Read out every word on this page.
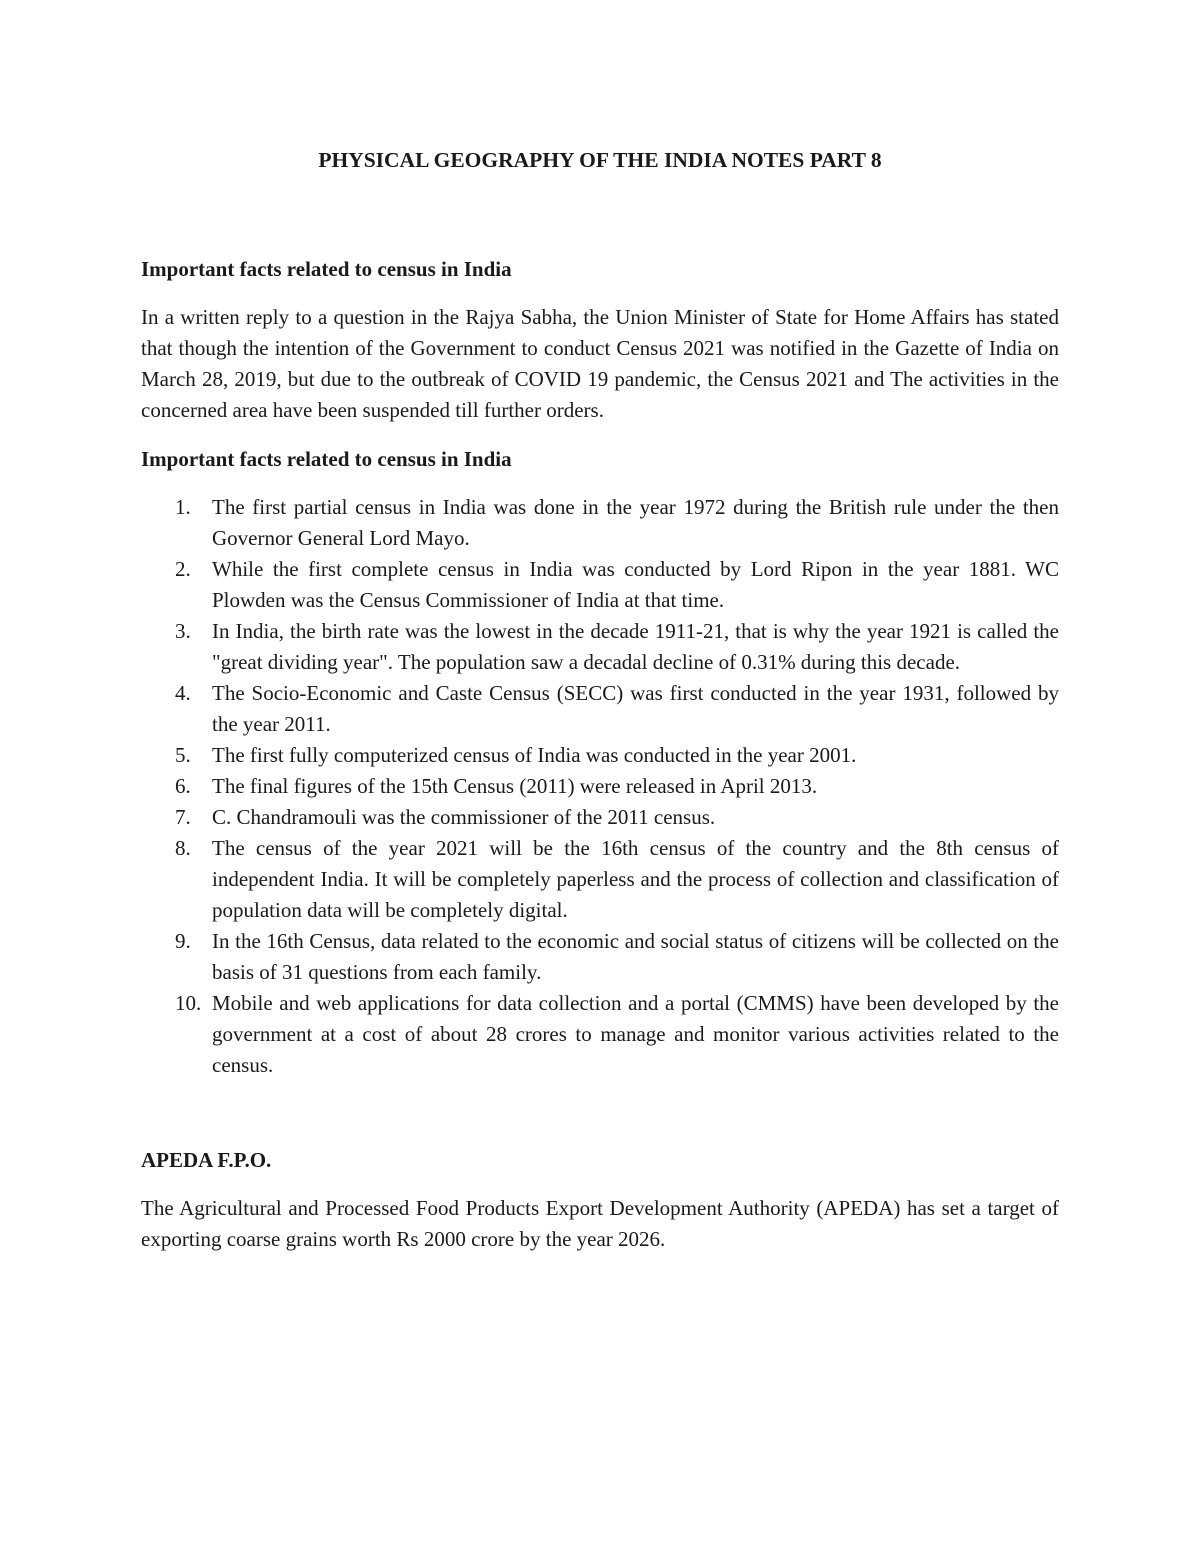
PHYSICAL GEOGRAPHY OF THE INDIA NOTES PART 8

Important facts related to census in India

In a written reply to a question in the Rajya Sabha, the Union Minister of State for Home Affairs has stated that though the intention of the Government to conduct Census 2021 was notified in the Gazette of India on March 28, 2019, but due to the outbreak of COVID 19 pandemic, the Census 2021 and The activities in the concerned area have been suspended till further orders.

Important facts related to census in India

1. The first partial census in India was done in the year 1972 during the British rule under the then Governor General Lord Mayo.
2. While the first complete census in India was conducted by Lord Ripon in the year 1881. WC Plowden was the Census Commissioner of India at that time.
3. In India, the birth rate was the lowest in the decade 1911-21, that is why the year 1921 is called the "great dividing year". The population saw a decadal decline of 0.31% during this decade.
4. The Socio-Economic and Caste Census (SECC) was first conducted in the year 1931, followed by the year 2011.
5. The first fully computerized census of India was conducted in the year 2001.
6. The final figures of the 15th Census (2011) were released in April 2013.
7. C. Chandramouli was the commissioner of the 2011 census.
8. The census of the year 2021 will be the 16th census of the country and the 8th census of independent India. It will be completely paperless and the process of collection and classification of population data will be completely digital.
9. In the 16th Census, data related to the economic and social status of citizens will be collected on the basis of 31 questions from each family.
10. Mobile and web applications for data collection and a portal (CMMS) have been developed by the government at a cost of about 28 crores to manage and monitor various activities related to the census.

APEDA F.P.O.

The Agricultural and Processed Food Products Export Development Authority (APEDA) has set a target of exporting coarse grains worth Rs 2000 crore by the year 2026.
